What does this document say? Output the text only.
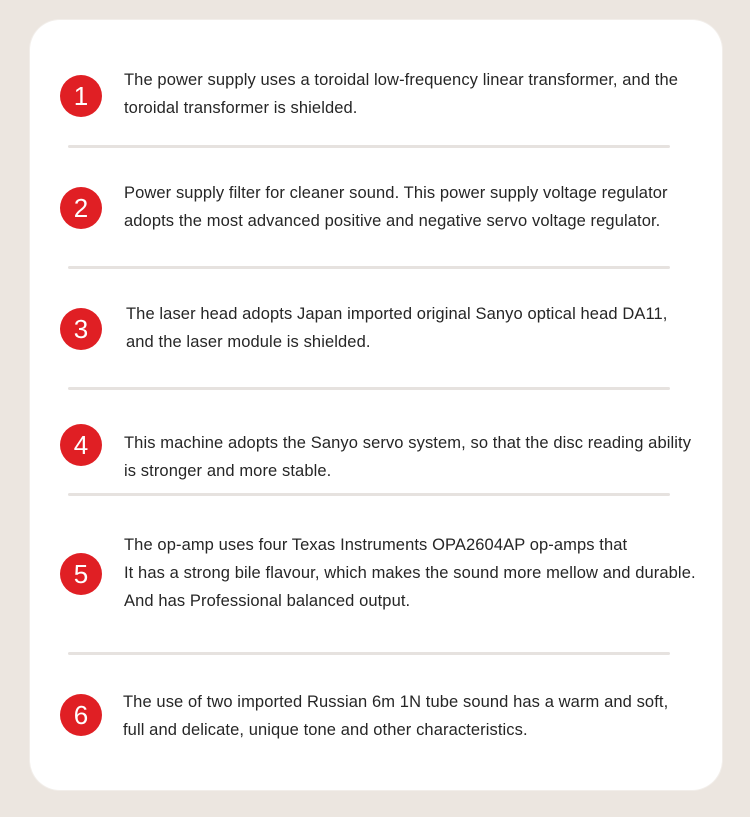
1
The power supply uses a toroidal low-frequency linear transformer, and the
toroidal transformer is shielded.
2	Power supply filter for cleaner sound. This power supply voltage regulator
adopts the most advanced positive and negative servo voltage regulator.
3	The laser head adopts Japan imported original Sanyo optical head DA11,
and the laser module is shielded.
4	This machine adopts the Sanyo servo system, so that the disc reading ability
is stronger and more stable.
5
The op-amp uses four Texas Instruments OPA2604AP op-amps that
It has a strong bile flavour, which makes the sound more mellow and durable.
And has Professional balanced output.
6	The use of two imported Russian 6m 1N tube sound has a warm and soft,
full and delicate, unique tone and other characteristics.
